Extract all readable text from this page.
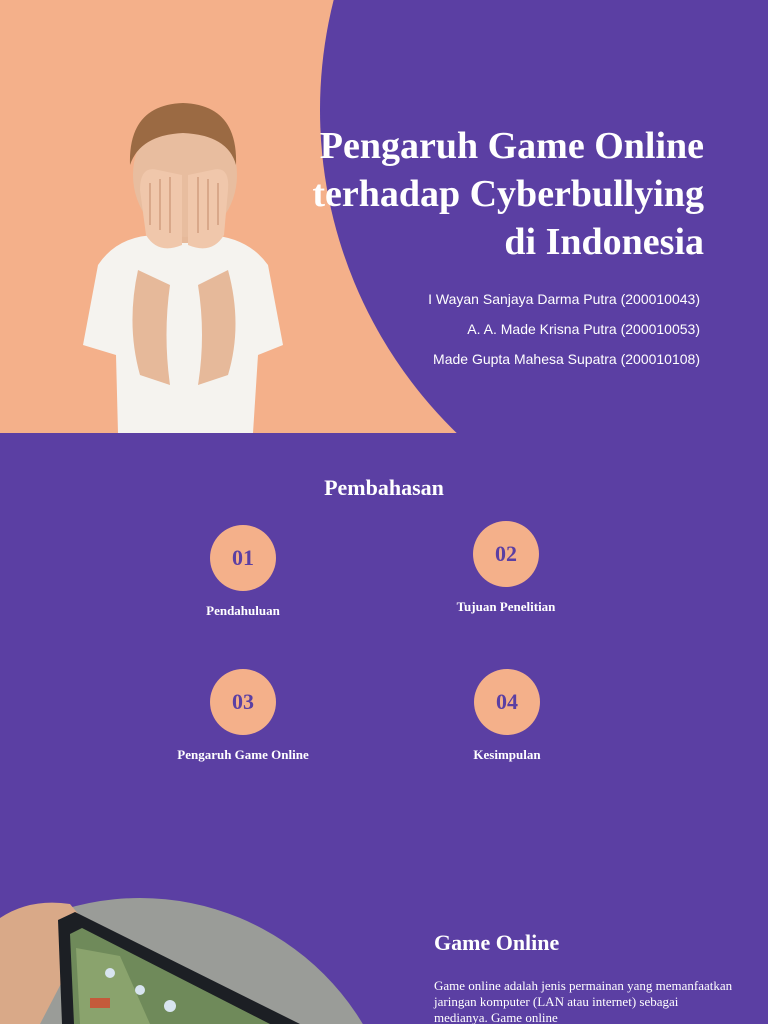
Pengaruh Game Online
terhadap Cyberbullying
di Indonesia
I Wayan Sanjaya Darma Putra (200010043)
A. A. Made Krisna Putra (200010053)
Made Gupta Mahesa Supatra (200010108)
Pembahasan
01
Pendahuluan
02
Tujuan Penelitian
03
Pengaruh Game Online
04
Kesimpulan
Game Online

Game online adalah jenis permainan yang memanfaatkan jaringan komputer (LAN atau internet) sebagai medianya. Game online
